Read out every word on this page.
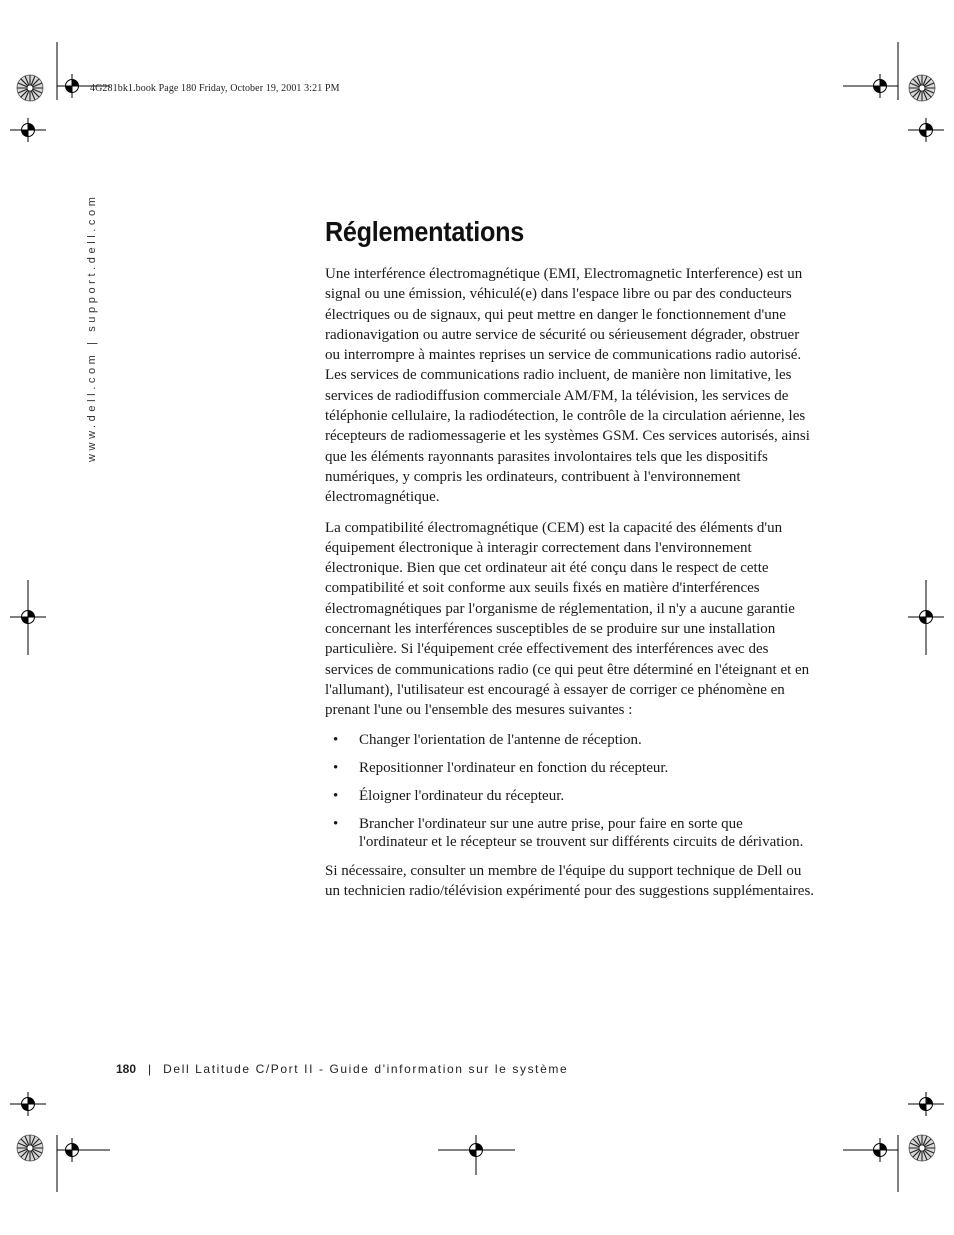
4G281bk1.book Page 180 Friday, October 19, 2001 3:21 PM
www.dell.com | support.dell.com	Réglementations

Une interférence électromagnétique (EMI, Electromagnetic Interference) est un signal ou une émission, véhiculé(e) dans l'espace libre ou par des conducteurs électriques ou de signaux, qui peut mettre en danger le fonctionnement d'une radionavigation ou autre service de sécurité ou sérieusement dégrader, obstruer ou interrompre à maintes reprises un service de communications radio autorisé. Les services de communications radio incluent, de manière non limitative, les services de radiodiffusion commerciale AM/FM, la télévision, les services de téléphonie cellulaire, la radiodétection, le contrôle de la circulation aérienne, les récepteurs de radiomessagerie et les systèmes GSM. Ces services autorisés, ainsi que les éléments rayonnants parasites involontaires tels que les dispositifs numériques, y compris les ordinateurs, contribuent à l'environnement électromagnétique.

La compatibilité électromagnétique (CEM) est la capacité des éléments d'un équipement électronique à interagir correctement dans l'environnement électronique. Bien que cet ordinateur ait été conçu dans le respect de cette compatibilité et soit conforme aux seuils fixés en matière d'interférences électromagnétiques par l'organisme de réglementation, il n'y a aucune garantie concernant les interférences susceptibles de se produire sur une installation particulière. Si l'équipement crée effectivement des interférences avec des services de communications radio (ce qui peut être déterminé en l'éteignant et en l'allumant), l'utilisateur est encouragé à essayer de corriger ce phénomène en prenant l'une ou l'ensemble des mesures suivantes :

• Changer l'orientation de l'antenne de réception.
• Repositionner l'ordinateur en fonction du récepteur.
• Éloigner l'ordinateur du récepteur.
• Brancher l'ordinateur sur une autre prise, pour faire en sorte que l'ordinateur et le récepteur se trouvent sur différents circuits de dérivation.

Si nécessaire, consulter un membre de l'équipe du support technique de Dell ou un technicien radio/télévision expérimenté pour des suggestions supplémentaires.

180 | Dell Latitude C/Port II - Guide d'information sur le système
